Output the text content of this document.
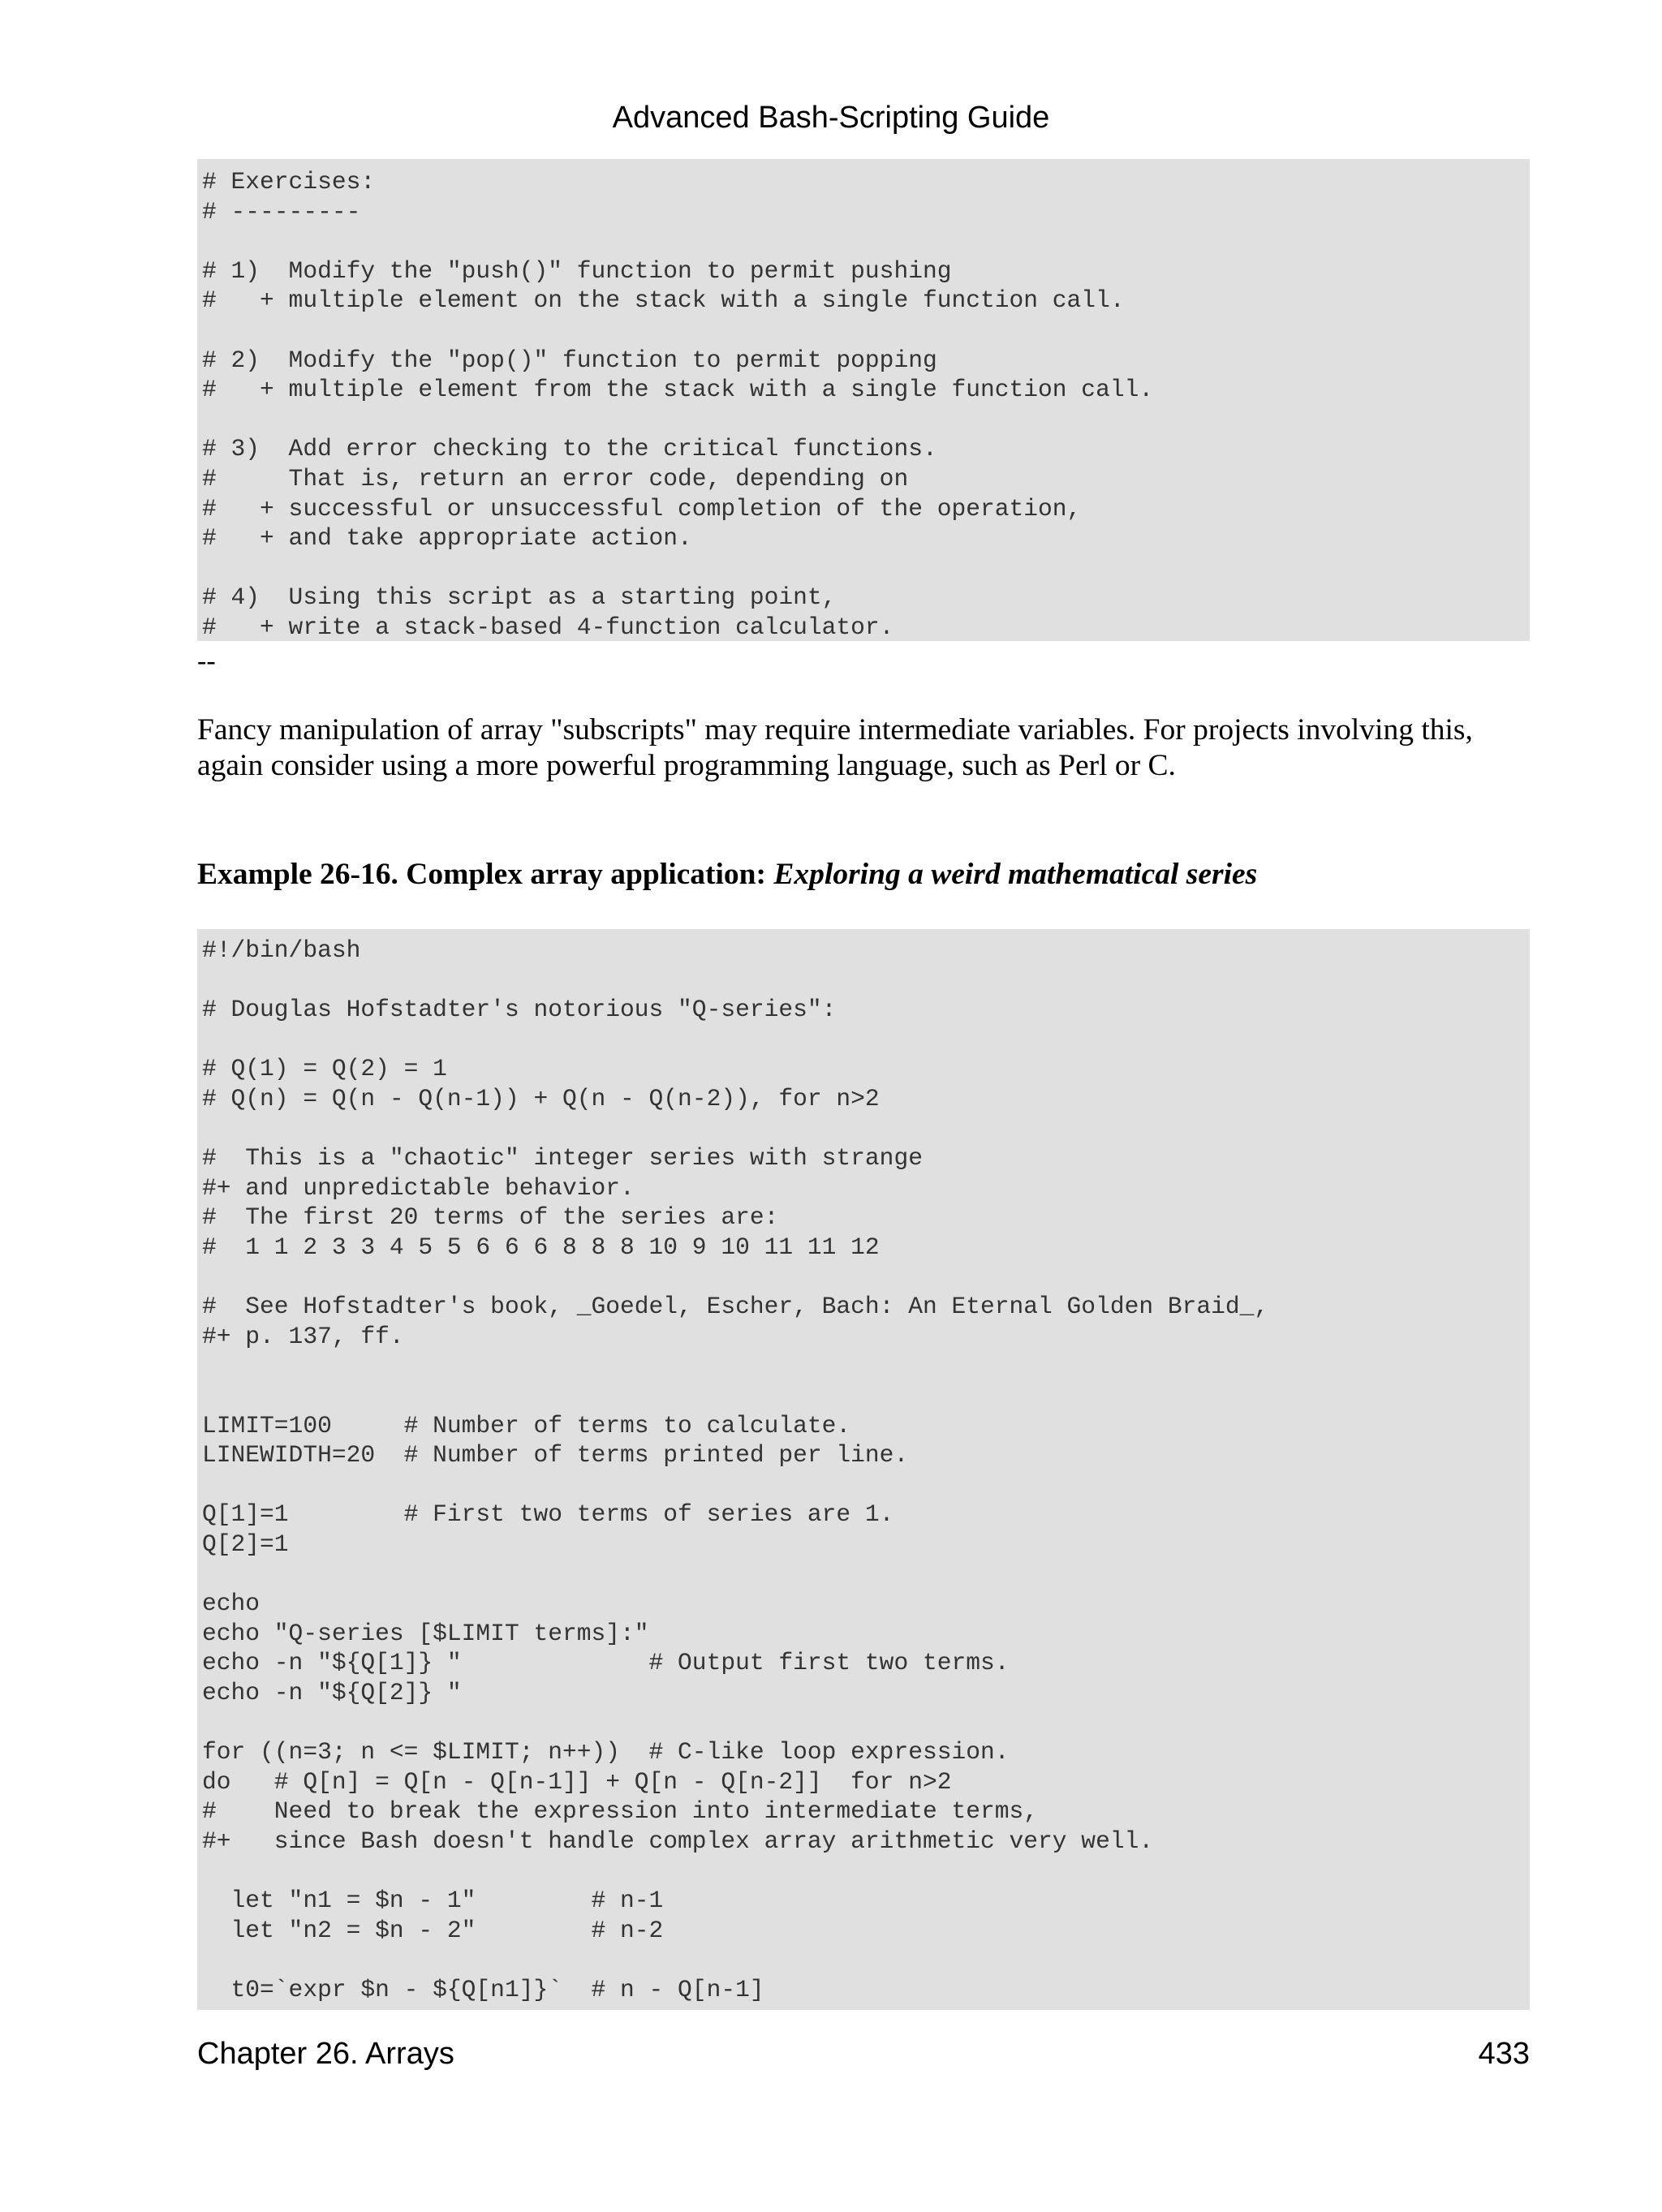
Advanced Bash-Scripting Guide
# Exercises:
# ---------
# 1)  Modify the "push()" function to permit pushing
#   + multiple element on the stack with a single function call.
# 2)  Modify the "pop()" function to permit popping
#   + multiple element from the stack with a single function call.
# 3)  Add error checking to the critical functions.
#     That is, return an error code, depending on
#   + successful or unsuccessful completion of the operation,
#   + and take appropriate action.
# 4)  Using this script as a starting point,
#   + write a stack-based 4-function calculator.
--
Fancy manipulation of array "subscripts" may require intermediate variables. For projects involving this, again consider using a more powerful programming language, such as Perl or C.
Example 26-16. Complex array application: Exploring a weird mathematical series
#!/bin/bash
# Douglas Hofstadter's notorious "Q-series":
# Q(1) = Q(2) = 1
# Q(n) = Q(n - Q(n-1)) + Q(n - Q(n-2)), for n>2
#  This is a "chaotic" integer series with strange
#+ and unpredictable behavior.
#  The first 20 terms of the series are:
#  1 1 2 3 3 4 5 5 6 6 6 8 8 8 10 9 10 11 11 12
#  See Hofstadter's book, _Goedel, Escher, Bach: An Eternal Golden Braid_,
#+ p. 137, ff.
LIMIT=100     # Number of terms to calculate.
LINEWIDTH=20  # Number of terms printed per line.
Q[1]=1        # First two terms of series are 1.
Q[2]=1
echo
echo "Q-series [$LIMIT terms]:"
echo -n "${Q[1]} "             # Output first two terms.
echo -n "${Q[2]} "
for ((n=3; n <= $LIMIT; n++))  # C-like loop expression.
do   # Q[n] = Q[n - Q[n-1]] + Q[n - Q[n-2]]  for n>2
#    Need to break the expression into intermediate terms,
#+   since Bash doesn't handle complex array arithmetic very well.
let "n1 = $n - 1"        # n-1
let "n2 = $n - 2"        # n-2
t0=`expr $n - ${Q[n1]}`  # n - Q[n-1]
Chapter 26. Arrays	433
